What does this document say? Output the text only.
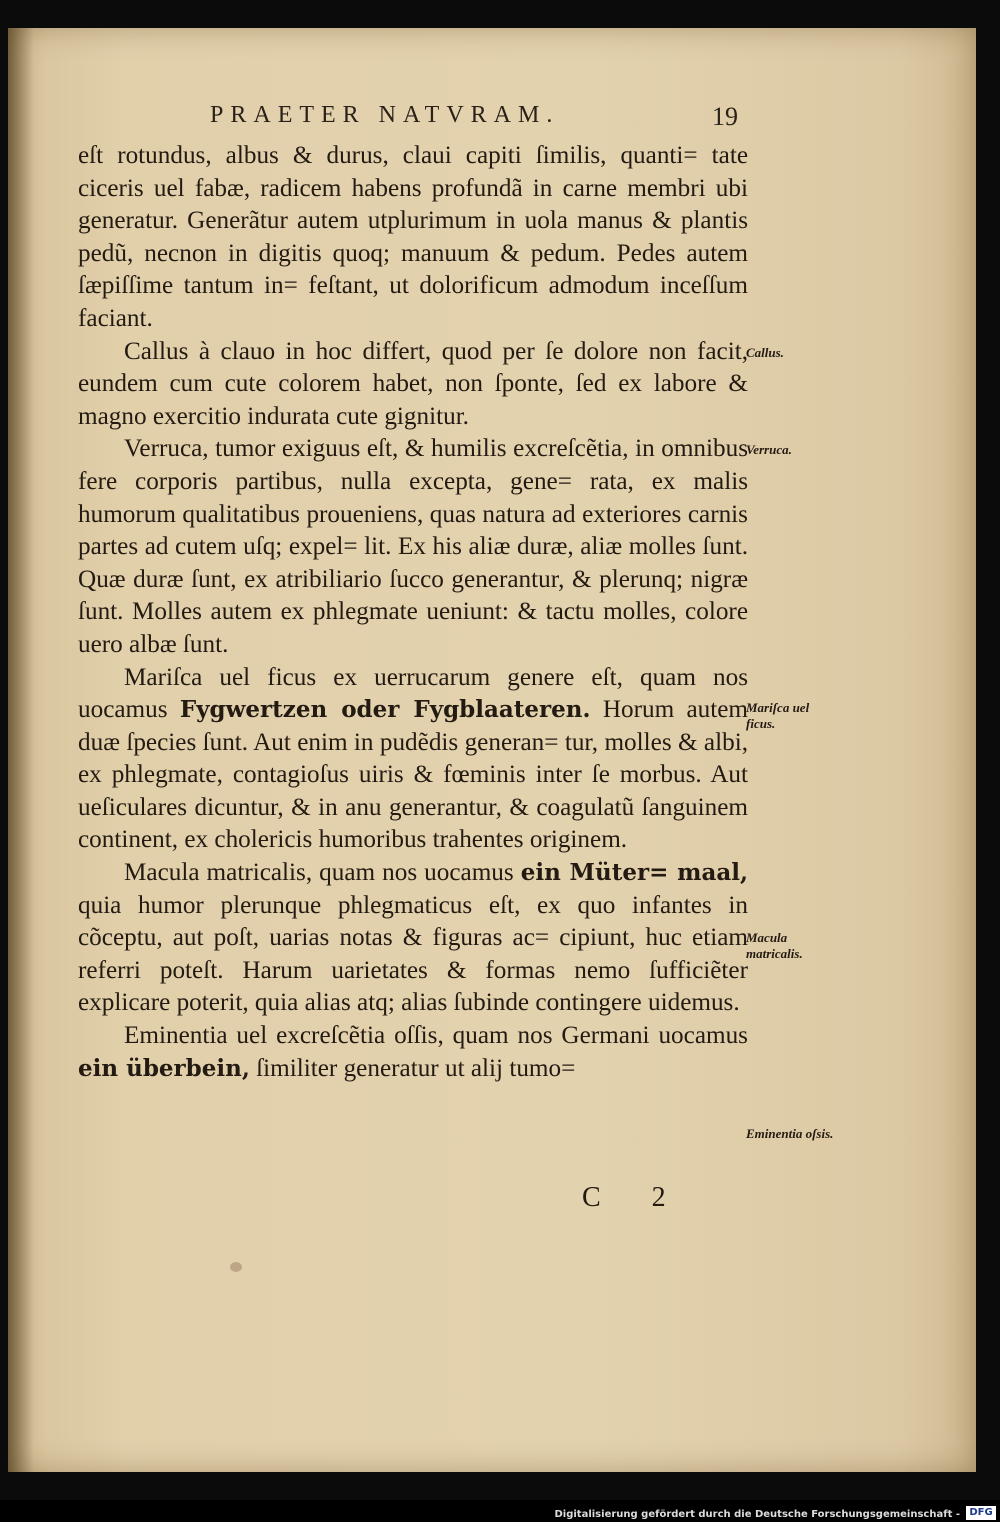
PRAETER NATVRAM.	19

eſt rotundus, albus & durus, claui capiti ſimilis, quanti= tate ciceris uel fabæ, radicem habens profundã in carne membri ubi generatur. Generãtur autem utplurimum in uola manus & plantis pedũ, necnon in digitis quoq; manuum & pedum. Pedes autem ſæpiſſime tantum in= feſtant, ut dolorificum admodum inceſſum faciant.

Callus à clauo in hoc differt, quod per ſe dolore non facit, eundem cum cute colorem habet, non ſponte, ſed ex labore & magno exercitio indurata cute gignitur.

Verruca, tumor exiguus eſt, & humilis excreſcẽtia, in omnibus fere corporis partibus, nulla excepta, gene= rata, ex malis humorum qualitatibus proueniens, quas natura ad exteriores carnis partes ad cutem uſq; expel= lit. Ex his aliæ duræ, aliæ molles ſunt. Quæ duræ ſunt, ex atribiliario ſucco generantur, & plerunq; nigræ ſunt. Molles autem ex phlegmate ueniunt: & tactu molles, colore uero albæ ſunt.

Mariſca uel ficus ex uerrucarum genere eſt, quam nos uocamus Fygwertzen oder Fygblaateren. Horum autem duæ ſpecies ſunt. Aut enim in pudẽdis generan= tur, molles & albi, ex phlegmate, contagioſus uiris & fœminis inter ſe morbus. Aut ueſiculares dicuntur, & in anu generantur, & coagulatũ ſanguinem continent, ex cholericis humoribus trahentes originem.

Macula matricalis, quam nos uocamus ein Müter= maal, quia humor plerunque phlegmaticus eſt, ex quo infantes in cõceptu, aut poſt, uarias notas & figuras ac= cipiunt, huc etiam referri poteſt. Harum uarietates & formas nemo ſufficiẽter explicare poterit, quia alias atq; alias ſubinde contingere uidemus.

Eminentia uel excreſcẽtia oſſis, quam nos Germani uocamus ein überbein, ſimiliter generatur ut alij tumo=

Callus.
Verruca.
Mariſca uel ficus.
Macula matricalis.
Eminentia oſsis.
C 2
Digitalisierung gefördert durch die Deutsche Forschungsgemeinschaft - DFG
